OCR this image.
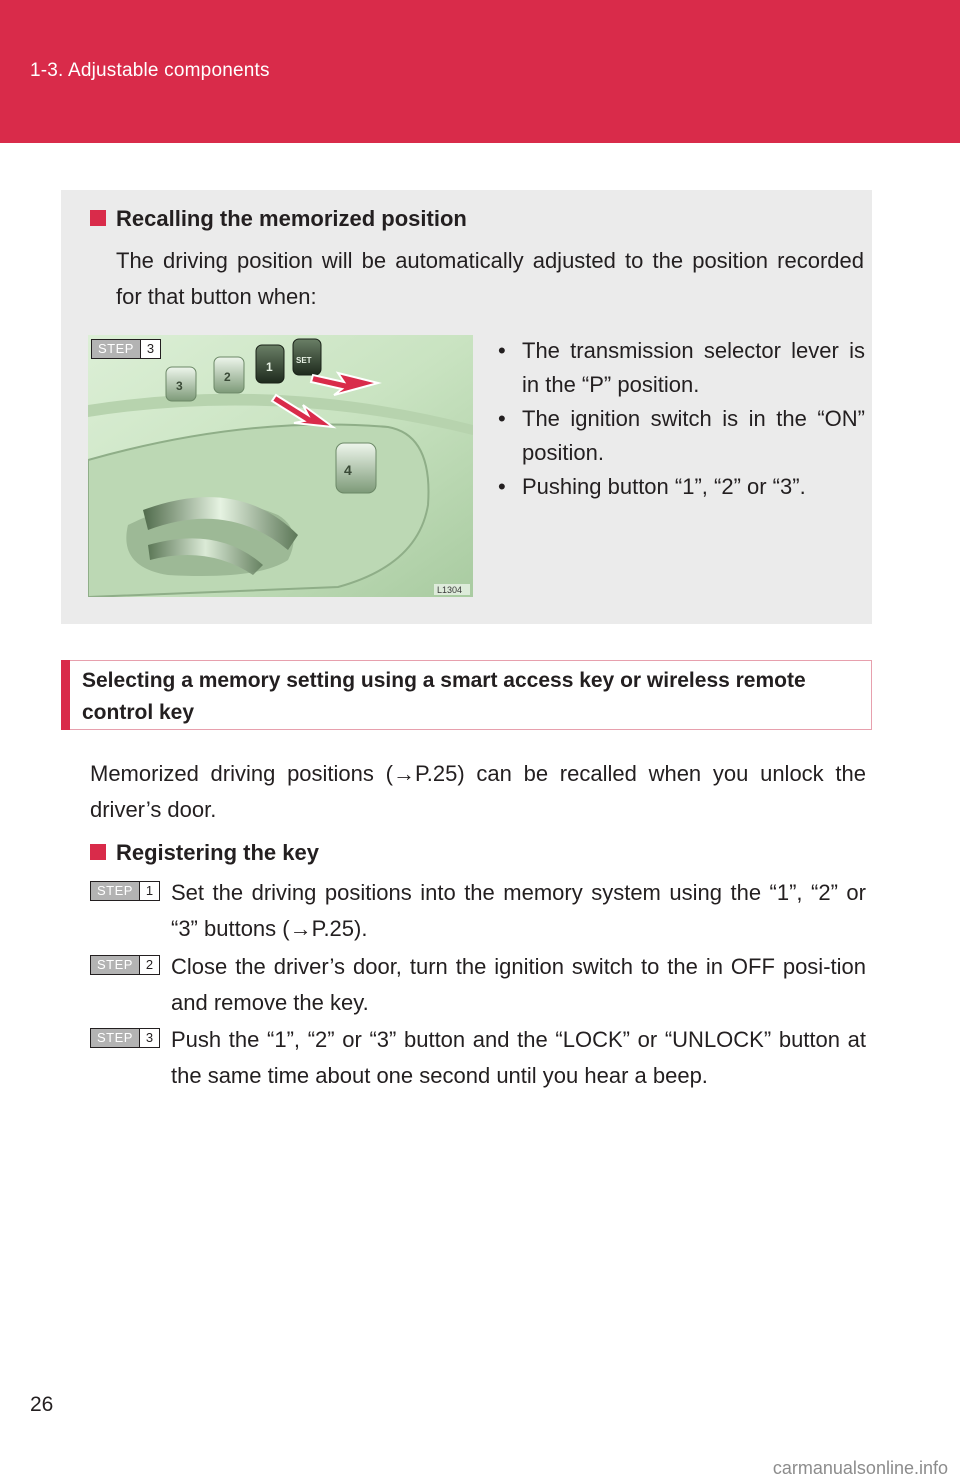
1-3. Adjustable components
Recalling the memorized position
The driving position will be automatically adjusted to the position recorded for that button when:
4
3
2
1	SET
L1304
STEP 3	• The transmission selector lever is in the “P” position.
• The ignition switch is in the “ON” position.
• Pushing button “1”, “2” or “3”.
Selecting a memory setting using a smart access key or wireless remote control key
Memorized driving positions (→P.25) can be recalled when you unlock the driver’s door.
Registering the key
STEP 1 Set the driving positions into the memory system using the “1”, “2” or “3” buttons (→P.25).
STEP 2 Close the driver’s door, turn the ignition switch to the in OFF posi-tion and remove the key.
STEP 3 Push the “1”, “2” or “3” button and the “LOCK” or “UNLOCK” button at the same time about one second until you hear a beep.
26
carmanualsonline.info
